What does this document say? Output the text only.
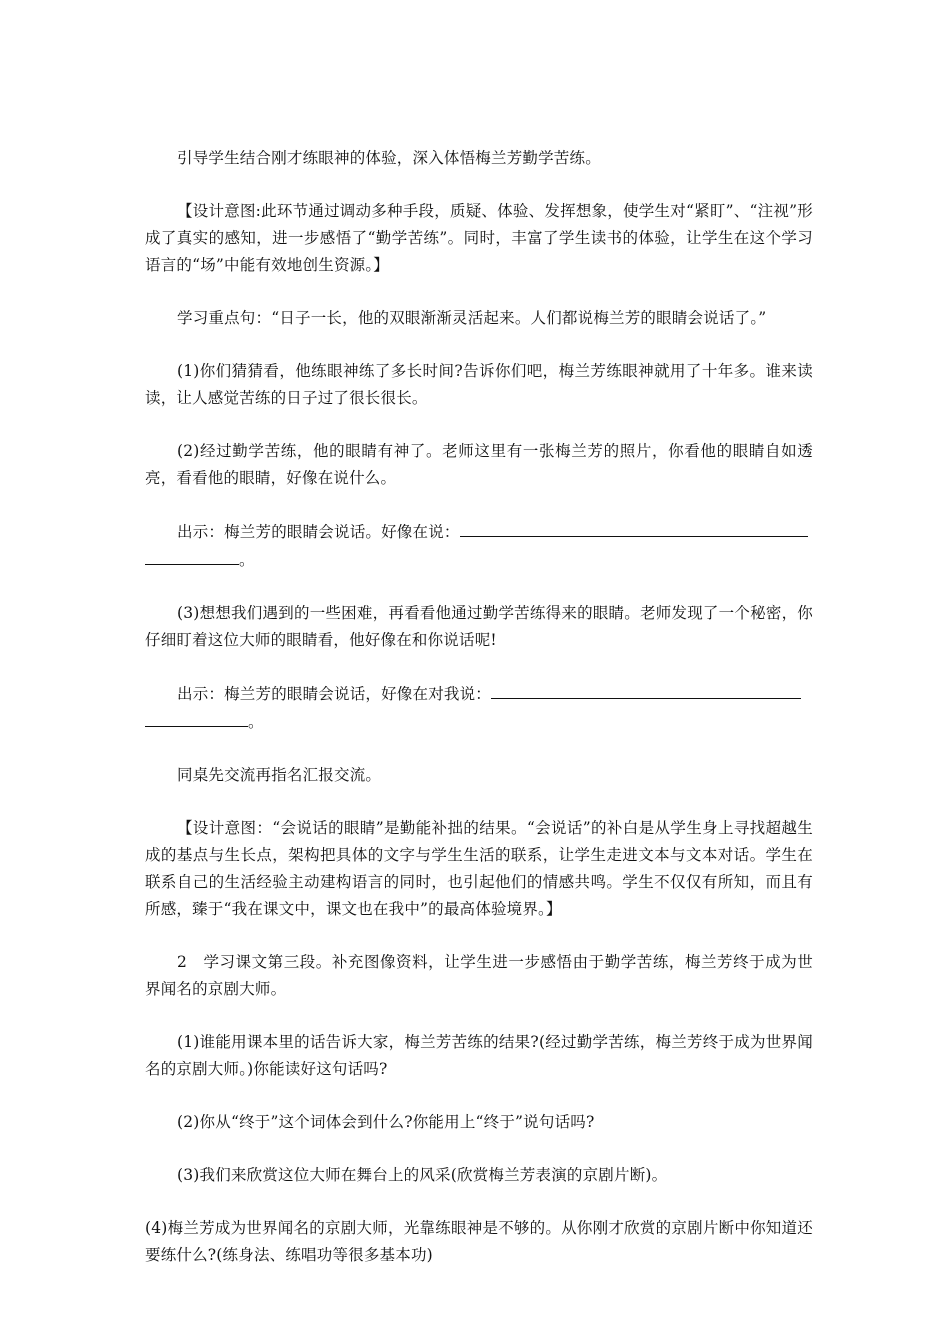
引导学生结合刚才练眼神的体验，深入体悟梅兰芳勤学苦练。

【设计意图:此环节通过调动多种手段，质疑、体验、发挥想象，使学生对“紧盯”、“注视”形成了真实的感知，进一步感悟了“勤学苦练”。同时，丰富了学生读书的体验，让学生在这个学习语言的“场”中能有效地创生资源。】

学习重点句：“日子一长，他的双眼渐渐灵活起来。人们都说梅兰芳的眼睛会说话了。”

(1)你们猜猜看，他练眼神练了多长时间?告诉你们吧，梅兰芳练眼神就用了十年多。谁来读读，让人感觉苦练的日子过了很长很长。

(2)经过勤学苦练，他的眼睛有神了。老师这里有一张梅兰芳的照片，你看他的眼睛自如透亮，看看他的眼睛，好像在说什么。

出示：梅兰芳的眼睛会说话。好像在说：
。

(3)想想我们遇到的一些困难，再看看他通过勤学苦练得来的眼睛。老师发现了一个秘密，你仔细盯着这位大师的眼睛看，他好像在和你说话呢!

出示：梅兰芳的眼睛会说话，好像在对我说：
。

同桌先交流再指名汇报交流。

【设计意图：“会说话的眼睛”是勤能补拙的结果。“会说话”的补白是从学生身上寻找超越生成的基点与生长点，架构把具体的文字与学生生活的联系，让学生走进文本与文本对话。学生在联系自己的生活经验主动建构语言的同时，也引起他们的情感共鸣。学生不仅仅有所知，而且有所感，臻于“我在课文中，课文也在我中”的最高体验境界。】

2　学习课文第三段。补充图像资料，让学生进一步感悟由于勤学苦练，梅兰芳终于成为世界闻名的京剧大师。

(1)谁能用课本里的话告诉大家，梅兰芳苦练的结果?(经过勤学苦练，梅兰芳终于成为世界闻名的京剧大师。)你能读好这句话吗?

(2)你从“终于”这个词体会到什么?你能用上“终于”说句话吗?

(3)我们来欣赏这位大师在舞台上的风采(欣赏梅兰芳表演的京剧片断)。

(4)梅兰芳成为世界闻名的京剧大师，光靠练眼神是不够的。从你刚才欣赏的京剧片断中你知道还要练什么?(练身法、练唱功等很多基本功)
